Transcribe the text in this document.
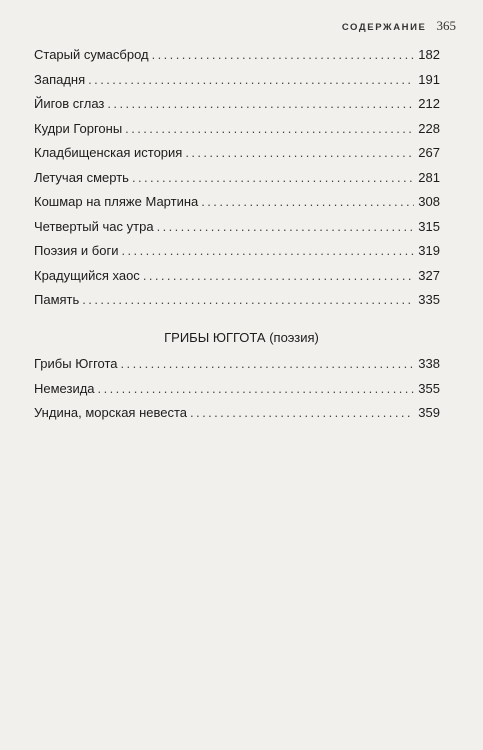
СОДЕРЖАНИЕ 365
Старый сумасброд . . .	182
Западня . . .	191
Йигов сглаз . . .	212
Кудри Горгоны . . .	228
Кладбищенская история . . .	267
Летучая смерть . . .	281
Кошмар на пляже Мартина . . .	308
Четвертый час утра . . .	315
Поэзия и боги . . .	319
Крадущийся хаос . . .	327
Память . . .	335
ГРИБЫ ЮГГОТА (поэзия)
Грибы Юггота . . .	338
Немезида . . .	355
Ундина, морская невеста . . .	359
